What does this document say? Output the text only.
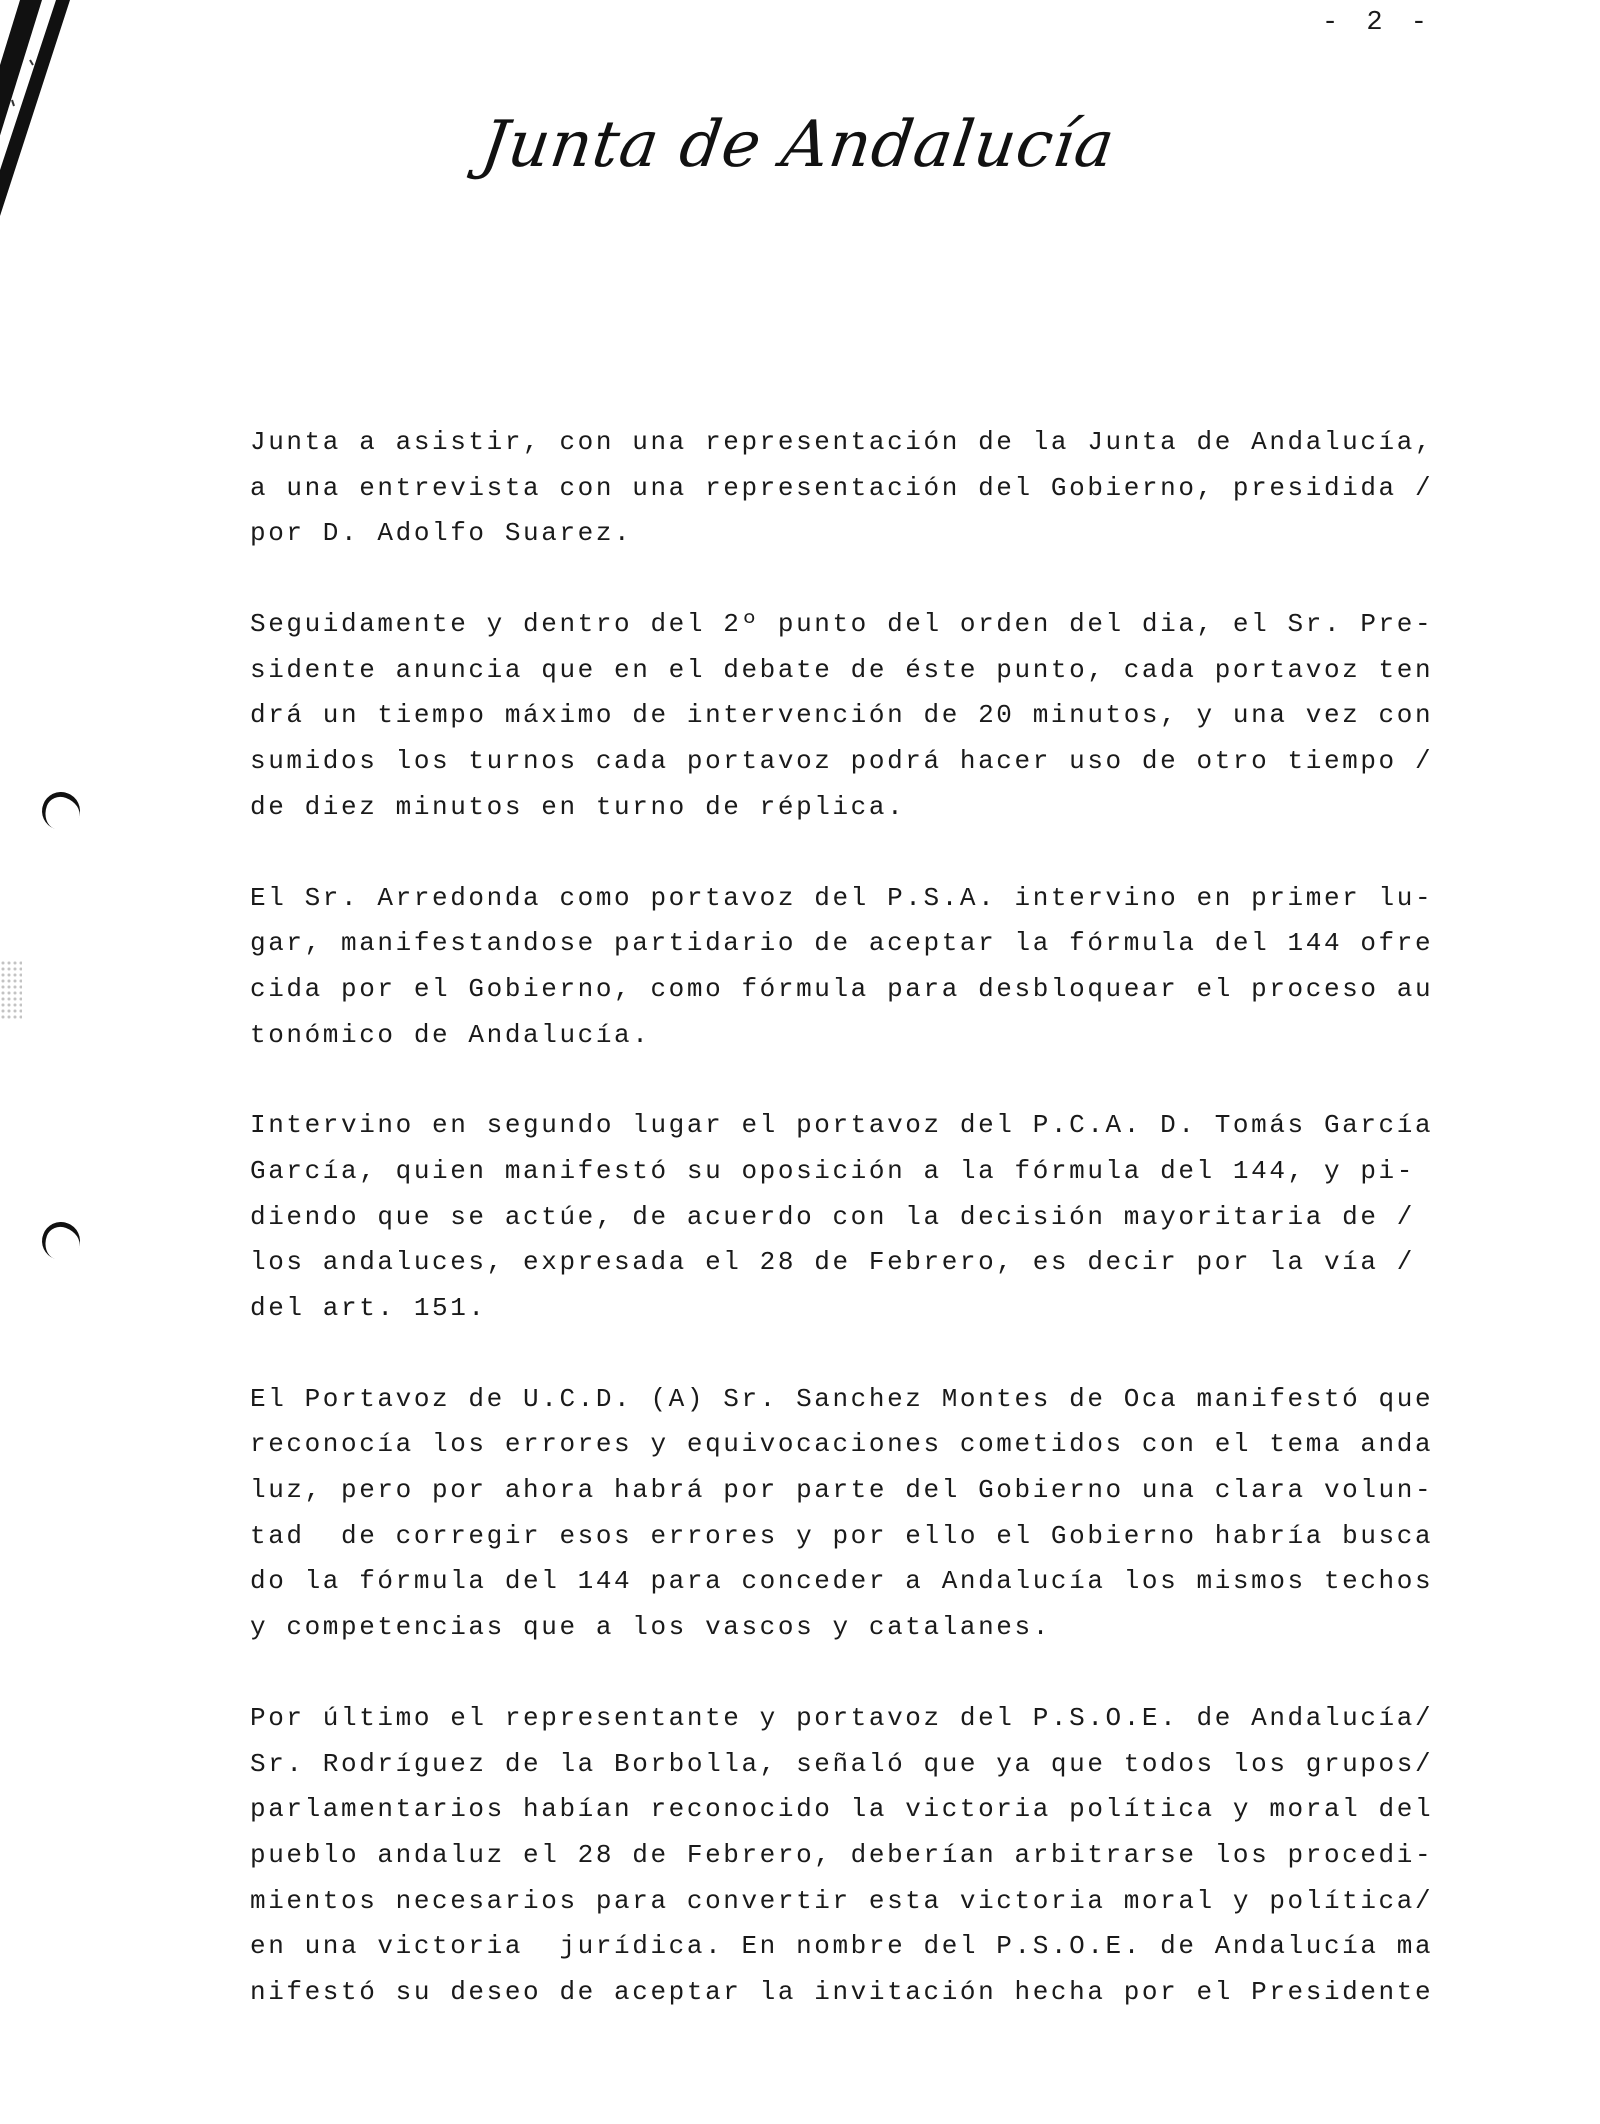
- 2 -
Junta de Andalucía
Junta a asistir, con una representación de la Junta de Andalucía,
a una entrevista con una representación del Gobierno, presidida /
por D. Adolfo Suarez.
Seguidamente y dentro del 2º punto del orden del dia, el Sr. Pre-
sidente anuncia que en el debate de éste punto, cada portavoz ten
drá un tiempo máximo de intervención de 20 minutos, y una vez con
sumidos los turnos cada portavoz podrá hacer uso de otro tiempo /
de diez minutos en turno de réplica.
El Sr. Arredonda como portavoz del P.S.A. intervino en primer lu-
gar, manifestandose partidario de aceptar la fórmula del 144 ofre
cida por el Gobierno, como fórmula para desbloquear el proceso au
tonómico de Andalucía.
Intervino en segundo lugar el portavoz del P.C.A. D. Tomás García
García, quien manifestó su oposición a la fórmula del 144, y pi-
diendo que se actúe, de acuerdo con la decisión mayoritaria de /
los andaluces, expresada el 28 de Febrero, es decir por la vía /
del art. 151.
El Portavoz de U.C.D. (A) Sr. Sanchez Montes de Oca manifestó que
reconocía los errores y equivocaciones cometidos con el tema anda
luz, pero por ahora habrá por parte del Gobierno una clara volun-
tad  de corregir esos errores y por ello el Gobierno habría busca
do la fórmula del 144 para conceder a Andalucía los mismos techos
y competencias que a los vascos y catalanes.
Por último el representante y portavoz del P.S.O.E. de Andalucía/
Sr. Rodríguez de la Borbolla, señaló que ya que todos los grupos/
parlamentarios habían reconocido la victoria política y moral del
pueblo andaluz el 28 de Febrero, deberían arbitrarse los procedi-
mientos necesarios para convertir esta victoria moral y política/
en una victoria  jurídica. En nombre del P.S.O.E. de Andalucía ma
nifestó su deseo de aceptar la invitación hecha por el Presidente
